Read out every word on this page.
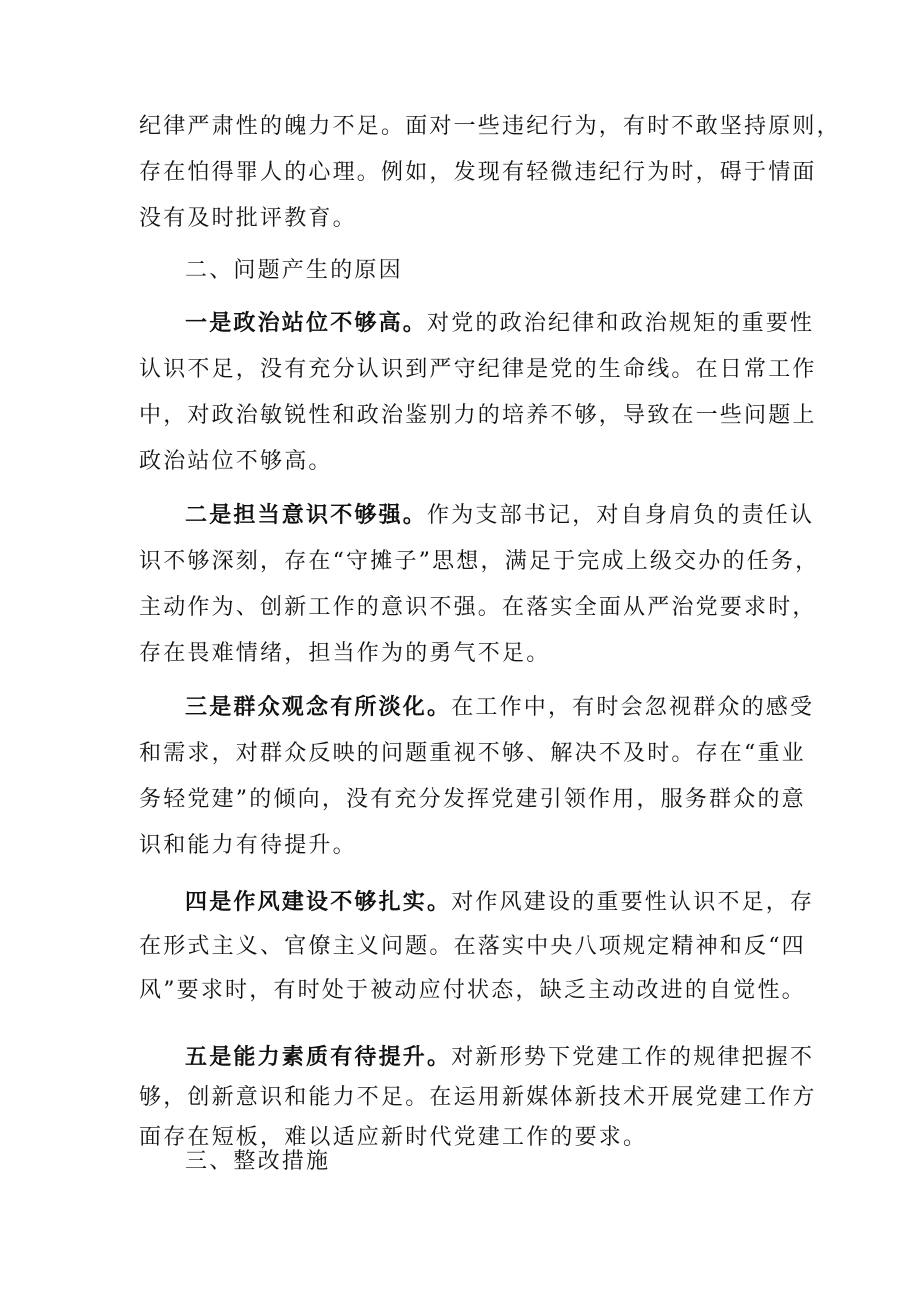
纪律严肃性的魄力不足。面对一些违纪行为，有时不敢坚持原则，
存在怕得罪人的心理。例如，发现有轻微违纪行为时，碍于情面
没有及时批评教育。

二、问题产生的原因

一是政治站位不够高。对党的政治纪律和政治规矩的重要性
认识不足，没有充分认识到严守纪律是党的生命线。在日常工作
中，对政治敏锐性和政治鉴别力的培养不够，导致在一些问题上
政治站位不够高。

二是担当意识不够强。作为支部书记，对自身肩负的责任认
识不够深刻，存在“守摊子”思想，满足于完成上级交办的任务，
主动作为、创新工作的意识不强。在落实全面从严治党要求时，
存在畏难情绪，担当作为的勇气不足。

三是群众观念有所淡化。在工作中，有时会忽视群众的感受
和需求，对群众反映的问题重视不够、解决不及时。存在“重业
务轻党建”的倾向，没有充分发挥党建引领作用，服务群众的意
识和能力有待提升。

四是作风建设不够扎实。对作风建设的重要性认识不足，存
在形式主义、官僚主义问题。在落实中央八项规定精神和反“四
风”要求时，有时处于被动应付状态，缺乏主动改进的自觉性。

五是能力素质有待提升。对新形势下党建工作的规律把握不
够，创新意识和能力不足。在运用新媒体新技术开展党建工作方
面存在短板，难以适应新时代党建工作的要求。

三、整改措施
